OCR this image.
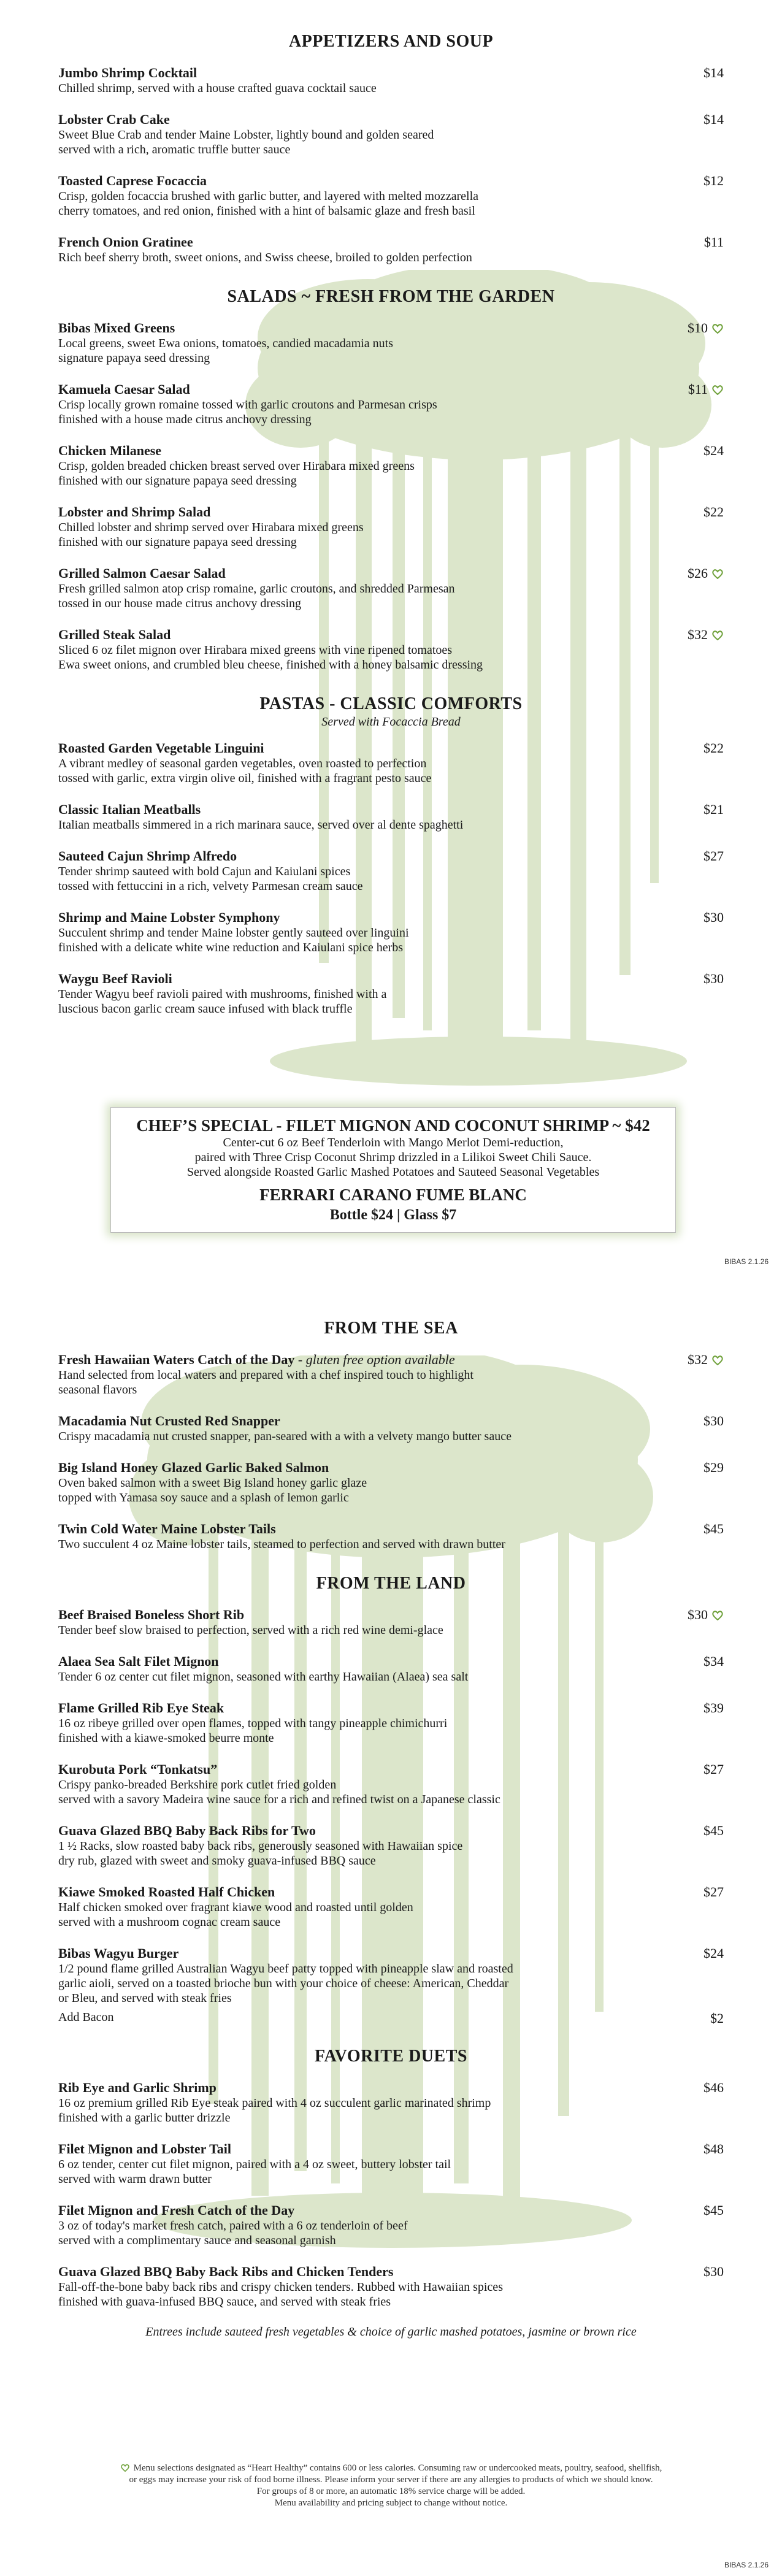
APPETIZERS AND SOUP
Jumbo Shrimp Cocktail
Chilled shrimp, served with a house crafted guava cocktail sauce
$14
Lobster Crab Cake
Sweet Blue Crab and tender Maine Lobster, lightly bound and golden seared
served with a rich, aromatic truffle butter sauce
$14
Toasted Caprese Focaccia
Crisp, golden focaccia brushed with garlic butter, and layered with melted mozzarella
cherry tomatoes, and red onion, finished with a hint of balsamic glaze and fresh basil
$12
French Onion Gratinee
Rich beef sherry broth, sweet onions, and Swiss cheese, broiled to golden perfection
$11
SALADS ~ FRESH FROM THE GARDEN
Bibas Mixed Greens
Local greens, sweet Ewa onions, tomatoes, candied macadamia nuts
signature papaya seed dressing
$10
Kamuela Caesar Salad
Crisp locally grown romaine tossed with garlic croutons and Parmesan crisps
finished with a house made citrus anchovy dressing
$11
Chicken Milanese
Crisp, golden breaded chicken breast served over Hirabara mixed greens
finished with our signature papaya seed dressing
$24
Lobster and Shrimp Salad
Chilled lobster and shrimp served over Hirabara mixed greens
finished with our signature papaya seed dressing
$22
Grilled Salmon Caesar Salad
Fresh grilled salmon atop crisp romaine, garlic croutons, and shredded Parmesan
tossed in our house made citrus anchovy dressing
$26
Grilled Steak Salad
Sliced 6 oz filet mignon over Hirabara mixed greens with vine ripened tomatoes
Ewa sweet onions, and crumbled bleu cheese, finished with a honey balsamic dressing
$32
PASTAS - CLASSIC COMFORTS
Served with Focaccia Bread
Roasted Garden Vegetable Linguini
A vibrant medley of seasonal garden vegetables, oven roasted to perfection
tossed with garlic, extra virgin olive oil, finished with a fragrant pesto sauce
$22
Classic Italian Meatballs
Italian meatballs simmered in a rich marinara sauce, served over al dente spaghetti
$21
Sauteed Cajun Shrimp Alfredo
Tender shrimp sauteed with bold Cajun and Kaiulani spices
tossed with fettuccini in a rich, velvety Parmesan cream sauce
$27
Shrimp and Maine Lobster Symphony
Succulent shrimp and tender Maine lobster gently sauteed over linguini
finished with a delicate white wine reduction and Kaiulani spice herbs
$30
Waygu Beef Ravioli
Tender Wagyu beef ravioli paired with mushrooms, finished with a
luscious bacon garlic cream sauce infused with black truffle
$30
CHEF’S SPECIAL - FILET MIGNON AND COCONUT SHRIMP ~ $42
Center-cut 6 oz Beef Tenderloin with Mango Merlot Demi-reduction,
paired with Three Crisp Coconut Shrimp drizzled in a Lilikoi Sweet Chili Sauce.
Served alongside Roasted Garlic Mashed Potatoes and Sauteed Seasonal Vegetables
FERRARI CARANO FUME BLANC
Bottle $24 | Glass $7
BIBAS 2.1.26
FROM THE SEA
Fresh Hawaiian Waters Catch of the Day - gluten free option available
Hand selected from local waters and prepared with a chef inspired touch to highlight
seasonal flavors
$32
Macadamia Nut Crusted Red Snapper
Crispy macadamia nut crusted snapper, pan-seared with a with a velvety mango butter sauce
$30
Big Island Honey Glazed Garlic Baked Salmon
Oven baked salmon with a sweet Big Island honey garlic glaze
topped with Yamasa soy sauce and a splash of lemon garlic
$29
Twin Cold Water Maine Lobster Tails
Two succulent 4 oz Maine lobster tails, steamed to perfection and served with drawn butter
$45
FROM THE LAND
Beef Braised Boneless Short Rib
Tender beef slow braised to perfection, served with a rich red wine demi-glace
$30
Alaea Sea Salt Filet Mignon
Tender 6 oz center cut filet mignon, seasoned with earthy Hawaiian (Alaea) sea salt
$34
Flame Grilled Rib Eye Steak
16 oz ribeye grilled over open flames, topped with tangy pineapple chimichurri
finished with a kiawe-smoked beurre monte
$39
Kurobuta Pork “Tonkatsu”
Crispy panko-breaded Berkshire pork cutlet fried golden
served with a savory Madeira wine sauce for a rich and refined twist on a Japanese classic
$27
Guava Glazed BBQ Baby Back Ribs for Two
1 ½ Racks, slow roasted baby back ribs, generously seasoned with Hawaiian spice
dry rub, glazed with sweet and smoky guava-infused BBQ sauce
$45
Kiawe Smoked Roasted Half Chicken
Half chicken smoked over fragrant kiawe wood and roasted until golden
served with a mushroom cognac cream sauce
$27
Bibas Wagyu Burger
1/2 pound flame grilled Australian Wagyu beef patty topped with pineapple slaw and roasted
garlic aioli, served on a toasted brioche bun with your choice of cheese: American, Cheddar
or Bleu, and served with steak fries
$24
Add Bacon	$2
FAVORITE DUETS
Rib Eye and Garlic Shrimp
16 oz premium grilled Rib Eye steak paired with 4 oz succulent garlic marinated shrimp
finished with a garlic butter drizzle
$46
Filet Mignon and Lobster Tail
6 oz tender, center cut filet mignon, paired with a 4 oz sweet, buttery lobster tail
served with warm drawn butter
$48
Filet Mignon and Fresh Catch of the Day
3 oz of today's market fresh catch, paired with a 6 oz tenderloin of beef
served with a complimentary sauce and seasonal garnish
$45
Guava Glazed BBQ Baby Back Ribs and Chicken Tenders
Fall-off-the-bone baby back ribs and crispy chicken tenders. Rubbed with Hawaiian spices
finished with guava-infused BBQ sauce, and served with steak fries
$30
Entrees include sauteed fresh vegetables & choice of garlic mashed potatoes, jasmine or brown rice
Menu selections designated as “Heart Healthy” contains 600 or less calories. Consuming raw or undercooked meats, poultry, seafood, shellfish,
or eggs may increase your risk of food borne illness. Please inform your server if there are any allergies to products of which we should know.
For groups of 8 or more, an automatic 18% service charge will be added.
Menu availability and pricing subject to change without notice.
BIBAS 2.1.26
